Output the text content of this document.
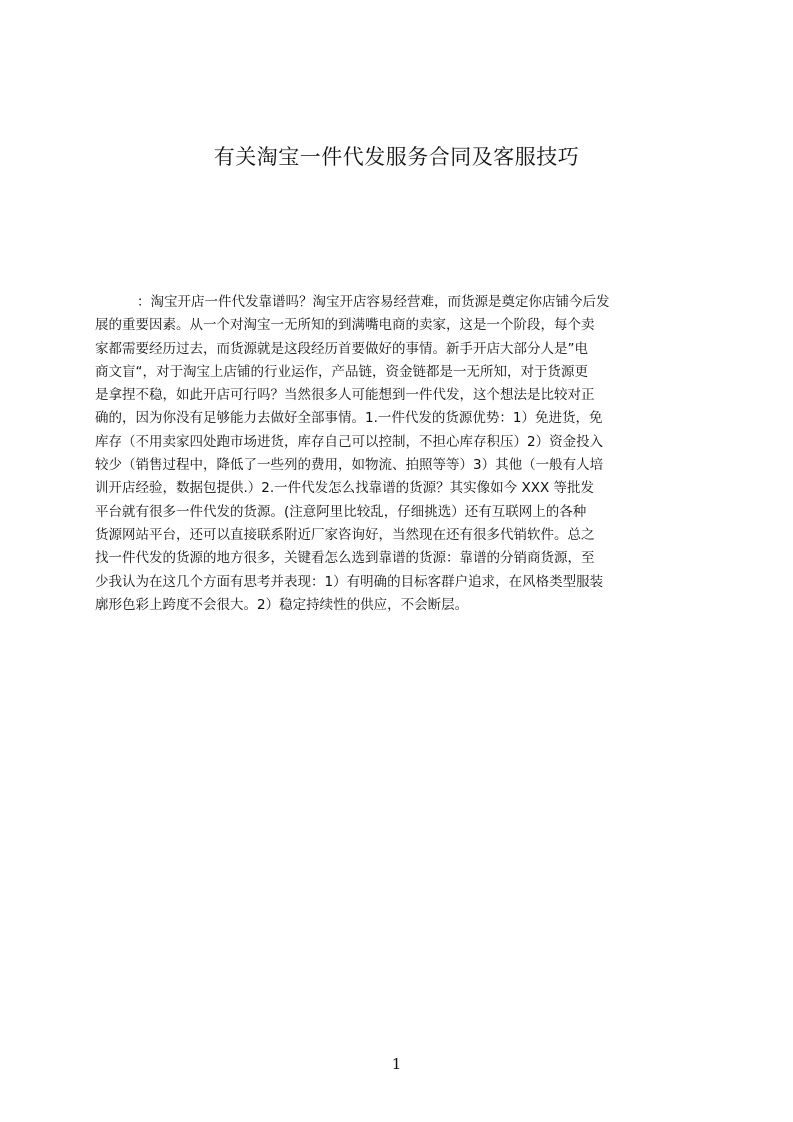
有关淘宝一件代发服务合同及客服技巧
：淘宝开店一件代发靠谱吗？淘宝开店容易经营难，而货源是奠定你店铺今后发
展的重要因素。从一个对淘宝一无所知的到满嘴电商的卖家，这是一个阶段，每个卖
家都需要经历过去，而货源就是这段经历首要做好的事情。新手开店大部分人是”电
商文盲“，对于淘宝上店铺的行业运作，产品链，资金链都是一无所知，对于货源更
是拿捏不稳，如此开店可行吗？当然很多人可能想到一件代发，这个想法是比较对正
确的，因为你没有足够能力去做好全部事情。1.一件代发的货源优势：1）免进货，免
库存（不用卖家四处跑市场进货，库存自己可以控制，不担心库存积压）2）资金投入
较少（销售过程中，降低了一些列的费用，如物流、拍照等等）3）其他（一般有人培
训开店经验，数据包提供.）2.一件代发怎么找靠谱的货源？其实像如今 XXX 等批发
平台就有很多一件代发的货源。(注意阿里比较乱，仔细挑选）还有互联网上的各种
货源网站平台，还可以直接联系附近厂家咨询好，当然现在还有很多代销软件。总之
找一件代发的货源的地方很多，关键看怎么选到靠谱的货源：靠谱的分销商货源，至
少我认为在这几个方面有思考并表现：1）有明确的目标客群户追求，在风格类型服装
廓形色彩上跨度不会很大。2）稳定持续性的供应，不会断层。
1
